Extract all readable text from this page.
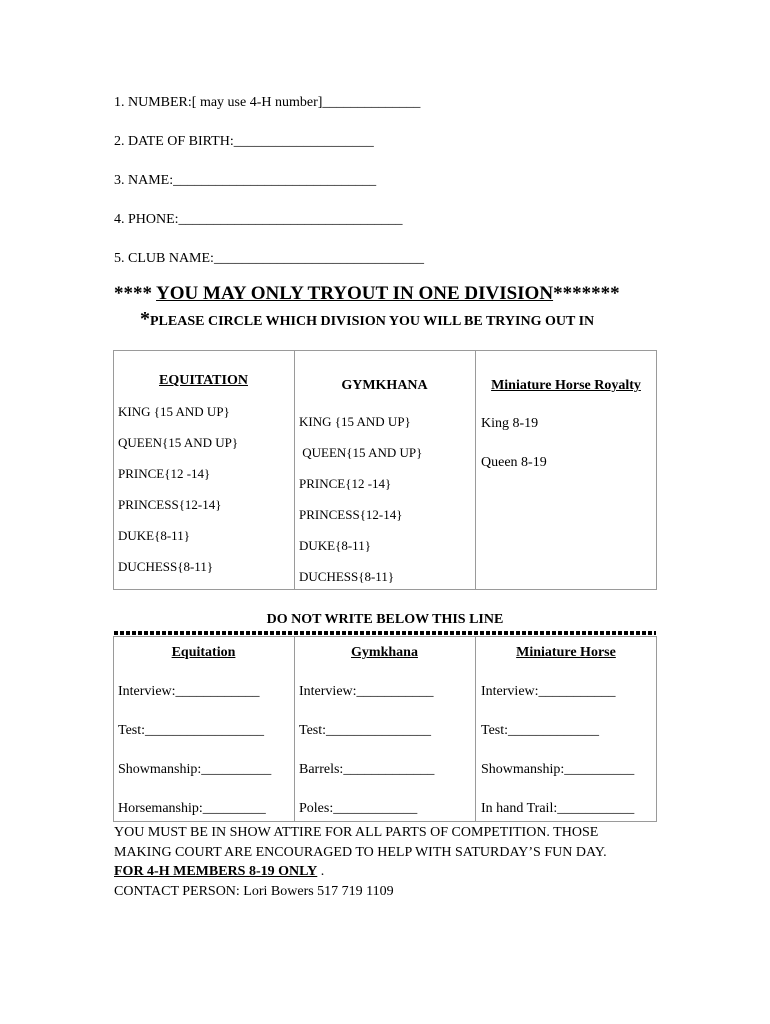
1. NUMBER:[ may use 4-H number]______________
2. DATE OF BIRTH:____________________
3. NAME:_____________________________
4. PHONE:________________________________
5. CLUB NAME:______________________________
**** YOU MAY ONLY TRYOUT IN ONE DIVISION*******
*PLEASE CIRCLE WHICH DIVISION YOU WILL BE TRYING OUT IN
EQUITATION
KING {15 AND UP}
QUEEN{15 AND UP}
PRINCE{12 -14}
PRINCESS{12-14}
DUKE{8-11}
DUCHESS{8-11}
GYMKHANA
KING {15 AND UP}
QUEEN{15 AND UP}
PRINCE{12 -14}
PRINCESS{12-14}
DUKE{8-11}
DUCHESS{8-11}
Miniature Horse Royalty
King 8-19
Queen 8-19
DO NOT WRITE BELOW THIS LINE
Equitation	Gymkhana	Miniature Horse
Interview:____________
Test:_________________
Showmanship:__________
Horsemanship:_________
Interview:___________
Test:_______________
Barrels:_____________
Poles:____________
Interview:___________
Test:_____________
Showmanship:__________
In hand Trail:___________
YOU MUST BE IN SHOW ATTIRE FOR ALL PARTS OF COMPETITION. THOSE
MAKING COURT ARE ENCOURAGED TO HELP WITH SATURDAY’S FUN DAY.
FOR 4-H MEMBERS 8-19 ONLY .
CONTACT PERSON: Lori Bowers 517 719 1109
